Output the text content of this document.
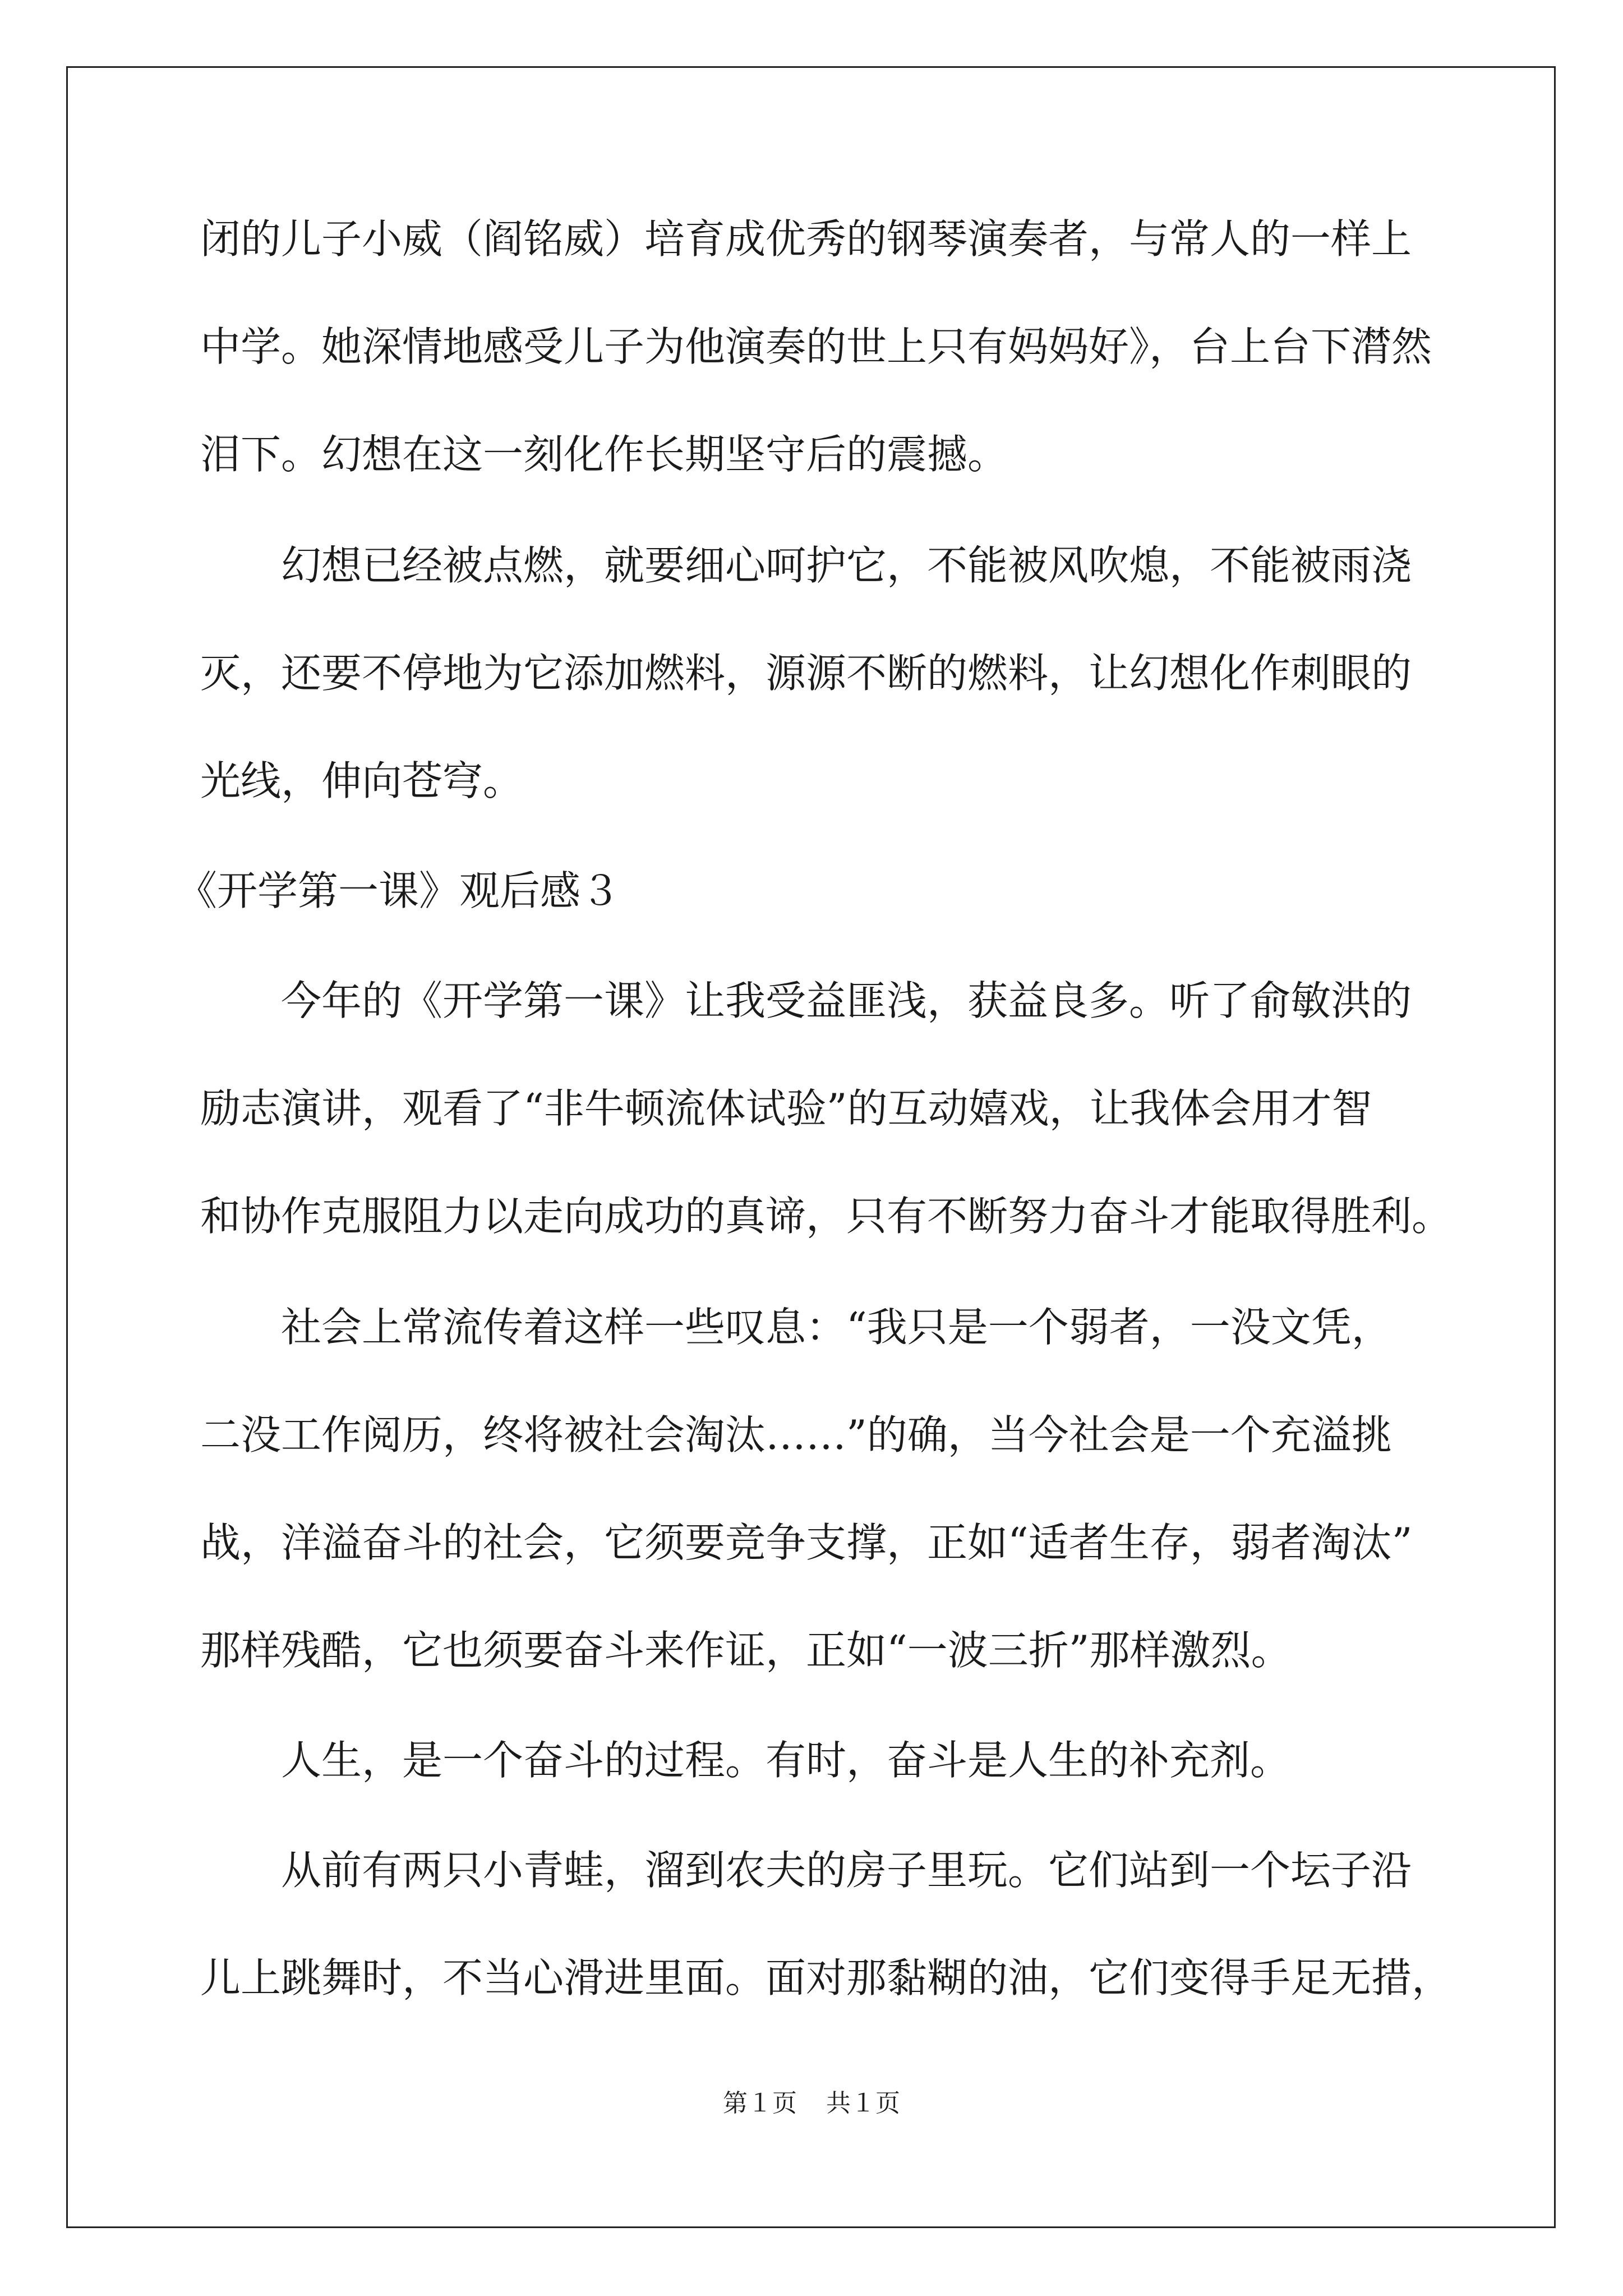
闭的儿子小威（阎铭威）培育成优秀的钢琴演奏者，与常人的一样上
中学。她深情地感受儿子为他演奏的世上只有妈妈好》，台上台下潸然
泪下。幻想在这一刻化作长期坚守后的震撼。
幻想已经被点燃，就要细心呵护它，不能被风吹熄，不能被雨浇
灭，还要不停地为它添加燃料，源源不断的燃料，让幻想化作刺眼的
光线，伸向苍穹。
《开学第一课》观后感３
今年的《开学第一课》让我受益匪浅，获益良多。听了俞敏洪的
励志演讲，观看了“非牛顿流体试验”的互动嬉戏，让我体会用才智
和协作克服阻力以走向成功的真谛，只有不断努力奋斗才能取得胜利。
社会上常流传着这样一些叹息：“我只是一个弱者，一没文凭，
二没工作阅历，终将被社会淘汰……”的确，当今社会是一个充溢挑
战，洋溢奋斗的社会，它须要竞争支撑，正如“适者生存，弱者淘汰”
那样残酷，它也须要奋斗来作证，正如“一波三折”那样激烈。
人生，是一个奋斗的过程。有时，奋斗是人生的补充剂。
从前有两只小青蛙，溜到农夫的房子里玩。它们站到一个坛子沿
儿上跳舞时，不当心滑进里面。面对那黏糊的油，它们变得手足无措，
第１页 共１页
